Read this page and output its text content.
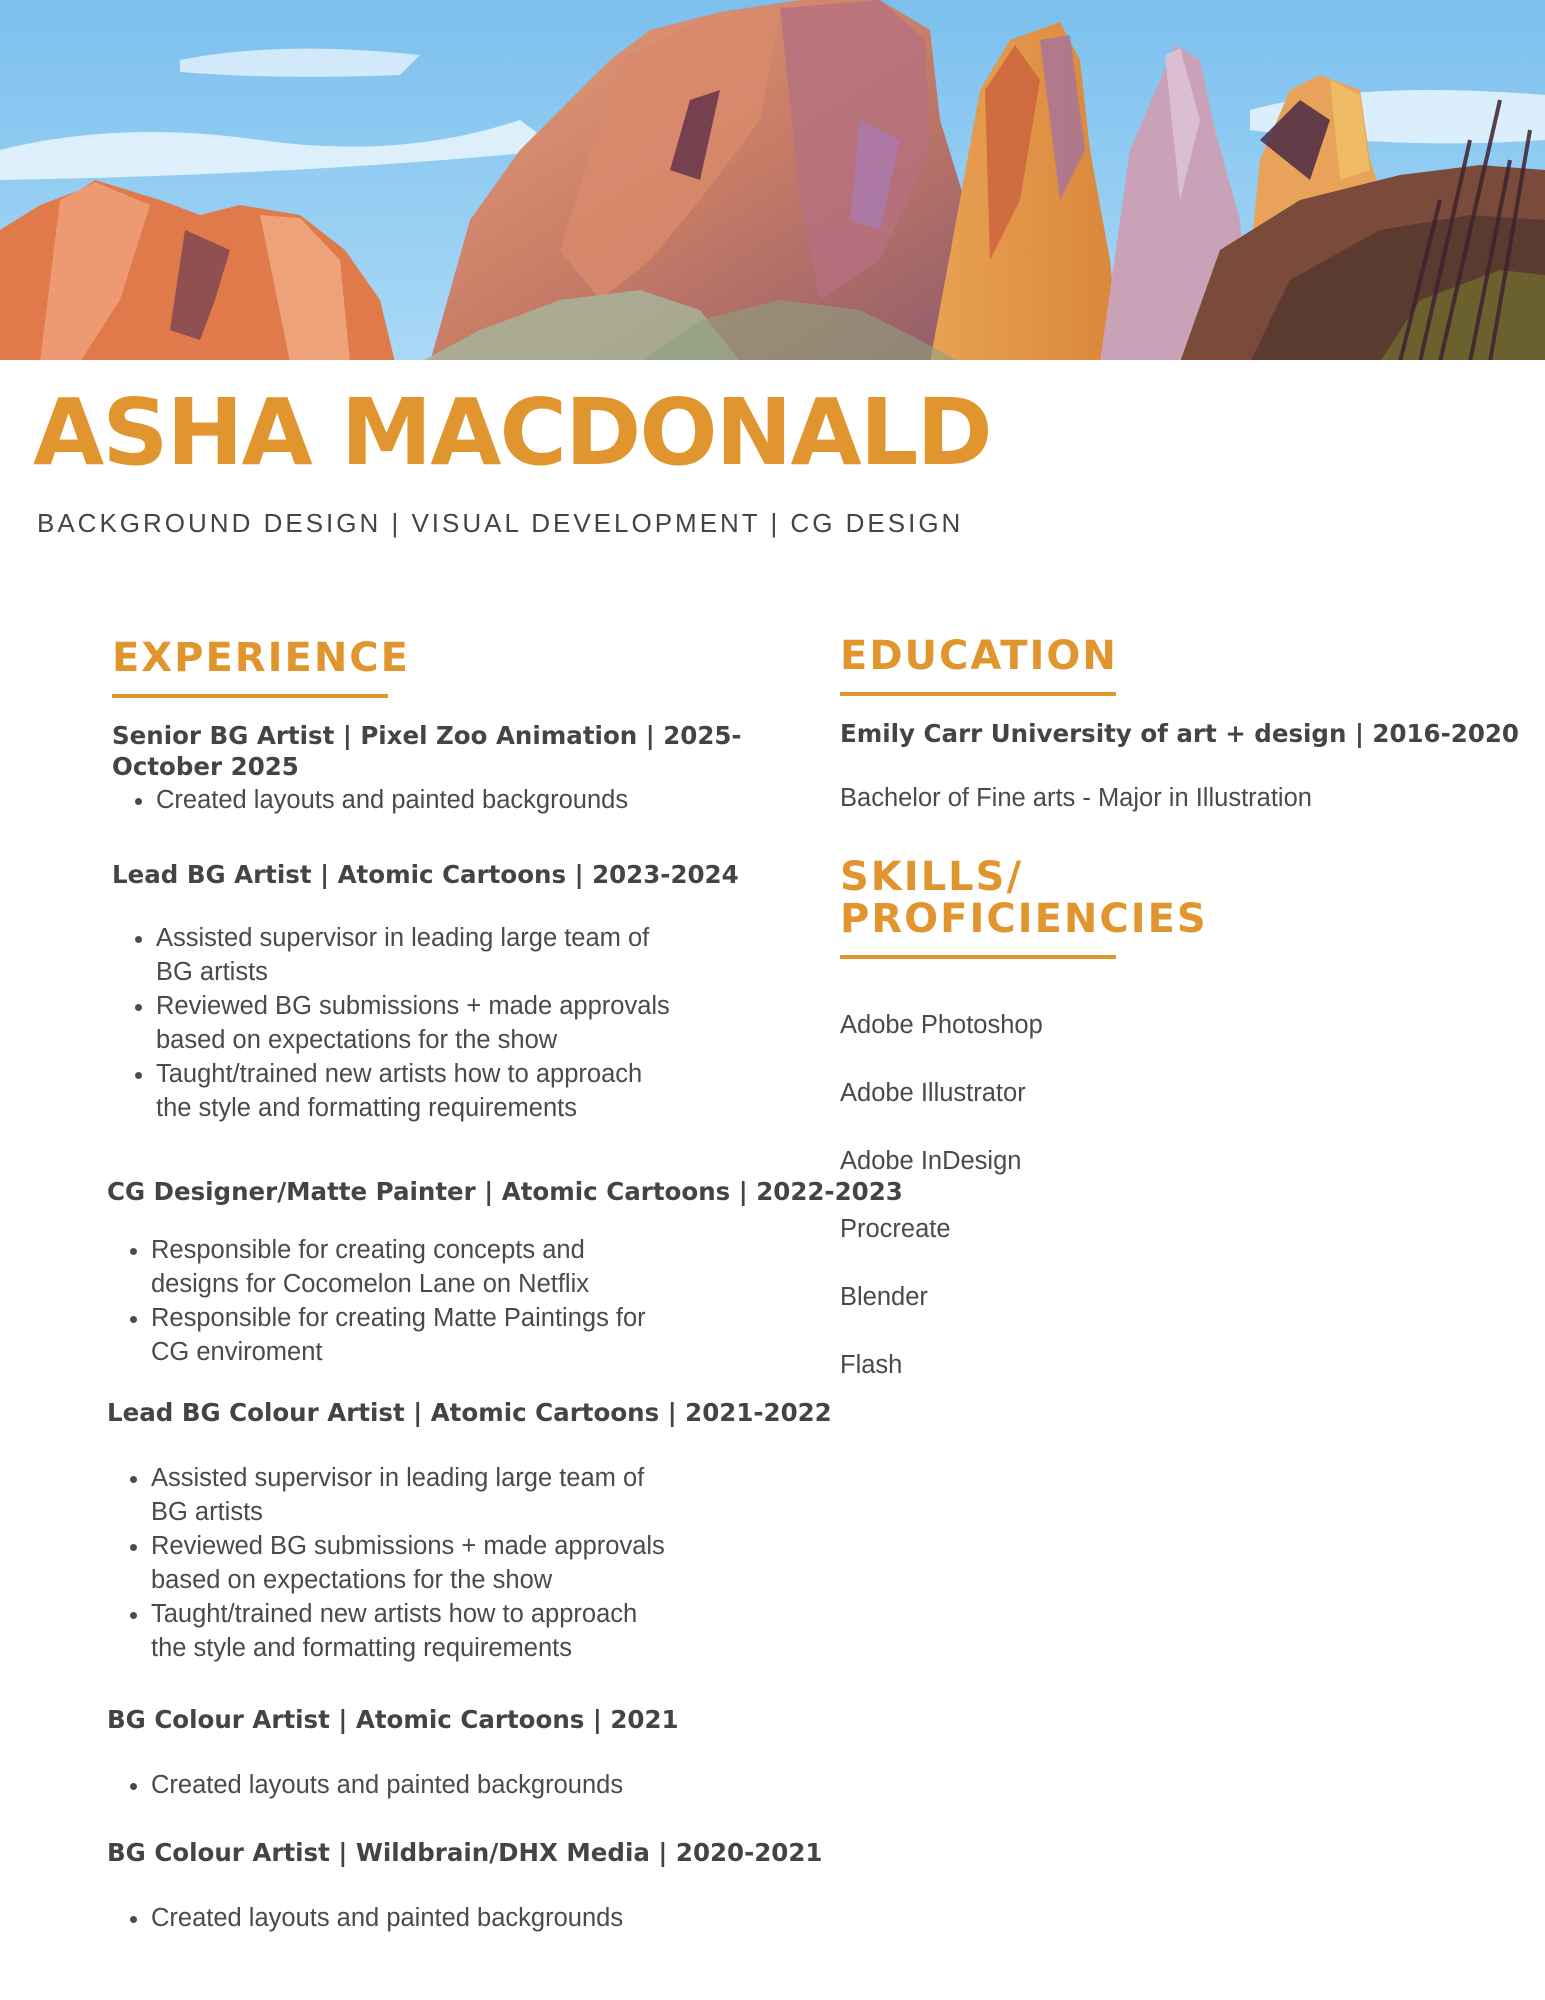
ASHA MACDONALD
BACKGROUND DESIGN | VISUAL DEVELOPMENT | CG DESIGN
EXPERIENCE
Senior BG Artist | Pixel Zoo Animation | 2025- October 2025
• Created layouts and painted backgrounds
Lead BG Artist | Atomic Cartoons | 2023-2024
• Assisted supervisor in leading large team of BG artists
• Reviewed BG submissions + made approvals based on expectations for the show
• Taught/trained new artists how to approach the style and formatting requirements
CG Designer/Matte Painter | Atomic Cartoons | 2022-2023
• Responsible for creating concepts and designs for Cocomelon Lane on Netflix
• Responsible for creating Matte Paintings for CG enviroment
Lead BG Colour Artist | Atomic Cartoons | 2021-2022
• Assisted supervisor in leading large team of BG artists
• Reviewed BG submissions + made approvals based on expectations for the show
• Taught/trained new artists how to approach the style and formatting requirements
BG Colour Artist | Atomic Cartoons | 2021
• Created layouts and painted backgrounds
BG Colour Artist | Wildbrain/DHX Media | 2020-2021
• Created layouts and painted backgrounds
EDUCATION
Emily Carr University of art + design | 2016-2020
Bachelor of Fine arts - Major in Illustration
SKILLS/
PROFICIENCIES
Adobe Photoshop
Adobe Illustrator
Adobe InDesign
Procreate
Blender
Flash
